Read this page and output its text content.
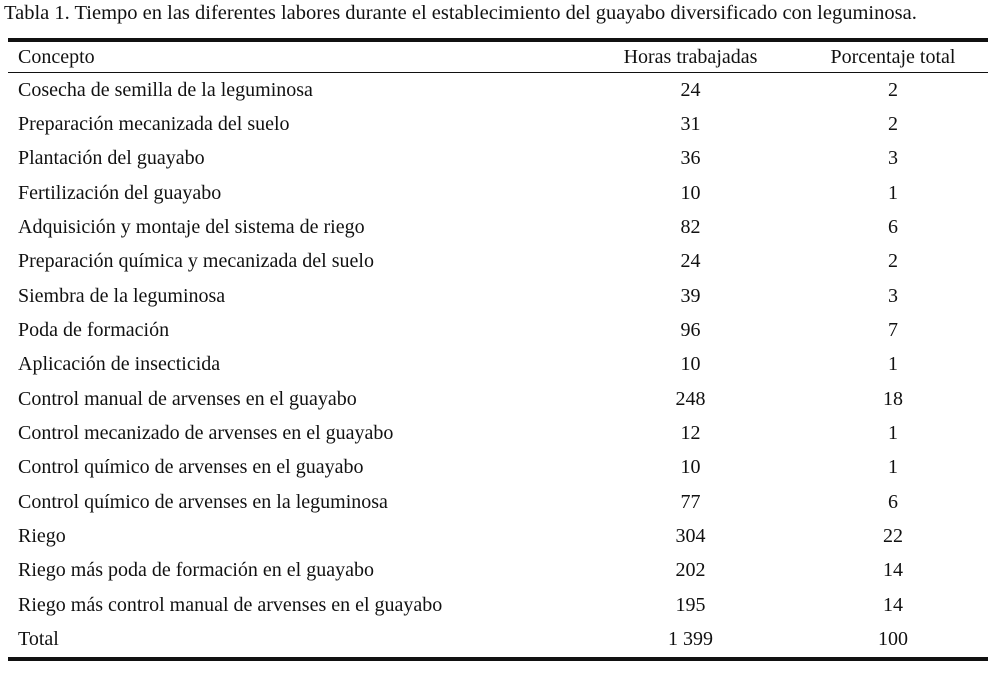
Tabla 1. Tiempo en las diferentes labores durante el establecimiento del guayabo diversificado con leguminosa.
Concepto	Horas trabajadas	Porcentaje total
Cosecha de semilla de la leguminosa	24	2
Preparación mecanizada del suelo	31	2
Plantación del guayabo	36	3
Fertilización del guayabo	10	1
Adquisición y montaje del sistema de riego	82	6
Preparación química y mecanizada del suelo	24	2
Siembra de la leguminosa	39	3
Poda de formación	96	7
Aplicación de insecticida	10	1
Control manual de arvenses en el guayabo	248	18
Control mecanizado de arvenses en el guayabo	12	1
Control químico de arvenses en el guayabo	10	1
Control químico de arvenses en la leguminosa	77	6
Riego	304	22
Riego más poda de formación en el guayabo	202	14
Riego más control manual de arvenses en el guayabo	195	14
Total	1 399	100
